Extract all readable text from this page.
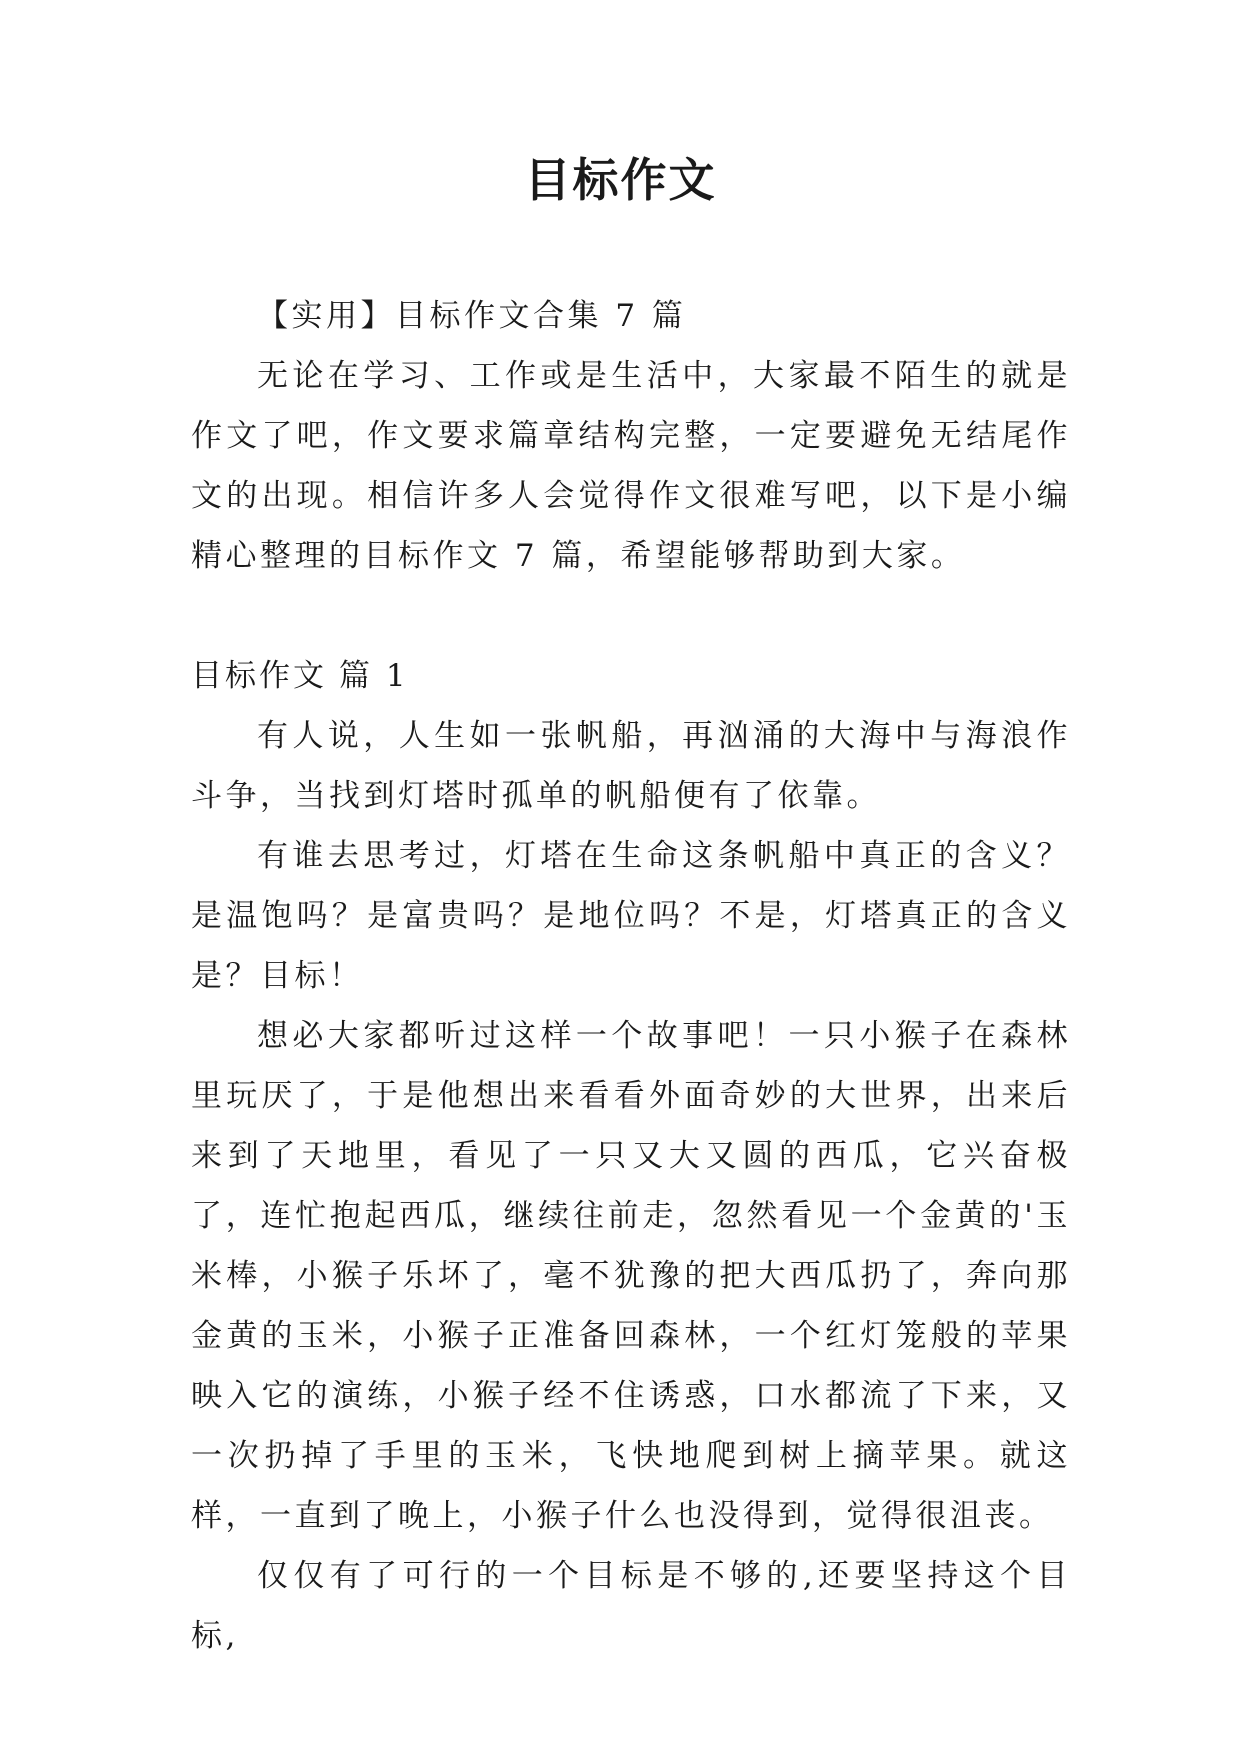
目标作文

【实用】目标作文合集 7 篇

无论在学习、工作或是生活中，大家最不陌生的就是作文了吧，作文要求篇章结构完整，一定要避免无结尾作文的出现。相信许多人会觉得作文很难写吧，以下是小编精心整理的目标作文 7 篇，希望能够帮助到大家。

目标作文 篇 1

有人说，人生如一张帆船，再汹涌的大海中与海浪作斗争，当找到灯塔时孤单的帆船便有了依靠。

有谁去思考过，灯塔在生命这条帆船中真正的含义？是温饱吗？是富贵吗？是地位吗？不是，灯塔真正的含义是？目标！

想必大家都听过这样一个故事吧！一只小猴子在森林里玩厌了，于是他想出来看看外面奇妙的大世界，出来后来到了天地里，看见了一只又大又圆的西瓜，它兴奋极了，连忙抱起西瓜，继续往前走，忽然看见一个金黄的'玉米棒，小猴子乐坏了，毫不犹豫的把大西瓜扔了，奔向那金黄的玉米，小猴子正准备回森林，一个红灯笼般的苹果映入它的演练，小猴子经不住诱惑，口水都流了下来，又一次扔掉了手里的玉米，飞快地爬到树上摘苹果。就这样，一直到了晚上，小猴子什么也没得到，觉得很沮丧。

仅仅有了可行的一个目标是不够的,还要坚持这个目标,
